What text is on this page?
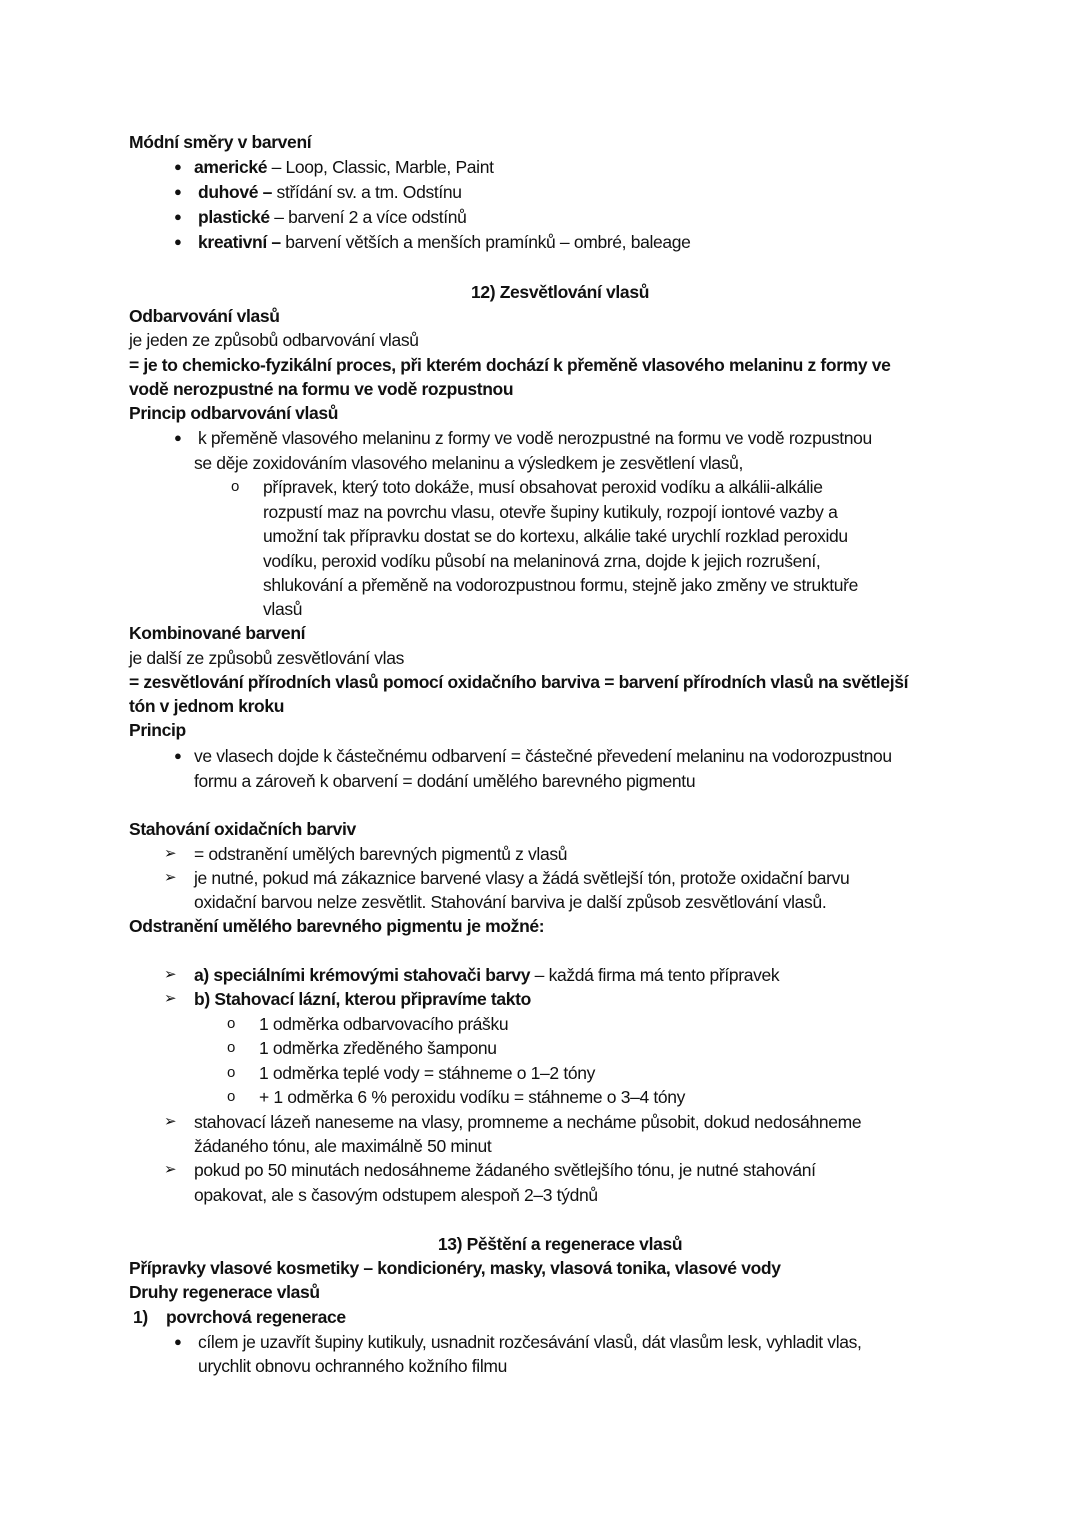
Módní směry v barvení
● americké – Loop, Classic, Marble, Paint
● duhové – střídání sv. a tm. Odstínu
● plastické – barvení 2 a více odstínů
● kreativní – barvení větších a menších pramínků – ombré, baleage
12) Zesvětlování vlasů
Odbarvování vlasů
je jeden ze způsobů odbarvování vlasů
= je to chemicko-fyzikální proces, při kterém dochází k přeměně vlasového melaninu z formy ve
vodě nerozpustné na formu ve vodě rozpustnou
Princip odbarvování vlasů
● k přeměně vlasového melaninu z formy ve vodě nerozpustné na formu ve vodě rozpustnou
se děje zoxidováním vlasového melaninu a výsledkem je zesvětlení vlasů,
o přípravek, který toto dokáže, musí obsahovat peroxid vodíku a alkálii-alkálie
rozpustí maz na povrchu vlasu, otevře šupiny kutikuly, rozpojí iontové vazby a
umožní tak přípravku dostat se do kortexu, alkálie také urychlí rozklad peroxidu
vodíku, peroxid vodíku působí na melaninová zrna, dojde k jejich rozrušení,
shlukování a přeměně na vodorozpustnou formu, stejně jako změny ve struktuře
vlasů
Kombinované barvení
je další ze způsobů zesvětlování vlas
= zesvětlování přírodních vlasů pomocí oxidačního barviva = barvení přírodních vlasů na světlejší
tón v jednom kroku
Princip
● ve vlasech dojde k částečnému odbarvení = částečné převedení melaninu na vodorozpustnou
formu a zároveň k obarvení = dodání umělého barevného pigmentu
Stahování oxidačních barviv
➢ = odstranění umělých barevných pigmentů z vlasů
➢ je nutné, pokud má zákaznice barvené vlasy a žádá světlejší tón, protože oxidační barvu
oxidační barvou nelze zesvětlit. Stahování barviva je další způsob zesvětlování vlasů.
Odstranění umělého barevného pigmentu je možné:
➢ a) speciálními krémovými stahovači barvy – každá firma má tento přípravek
➢ b) Stahovací lázní, kterou připravíme takto
o 1 odměrka odbarvovacího prášku
o 1 odměrka zředěného šamponu
o 1 odměrka teplé vody = stáhneme o 1–2 tóny
o + 1 odměrka 6 % peroxidu vodíku = stáhneme o 3–4 tóny
➢ stahovací lázeň naneseme na vlasy, promneme a necháme působit, dokud nedosáhneme
žádaného tónu, ale maximálně 50 minut
➢ pokud po 50 minutách nedosáhneme žádaného světlejšího tónu, je nutné stahování
opakovat, ale s časovým odstupem alespoň 2–3 týdnů
13) Pěštění a regenerace vlasů
Přípravky vlasové kosmetiky – kondicionéry, masky, vlasová tonika, vlasové vody
Druhy regenerace vlasů
1) povrchová regenerace
● cílem je uzavřít šupiny kutikuly, usnadnit rozčesávání vlasů, dát vlasům lesk, vyhladit vlas,
urychlit obnovu ochranného kožního filmu
